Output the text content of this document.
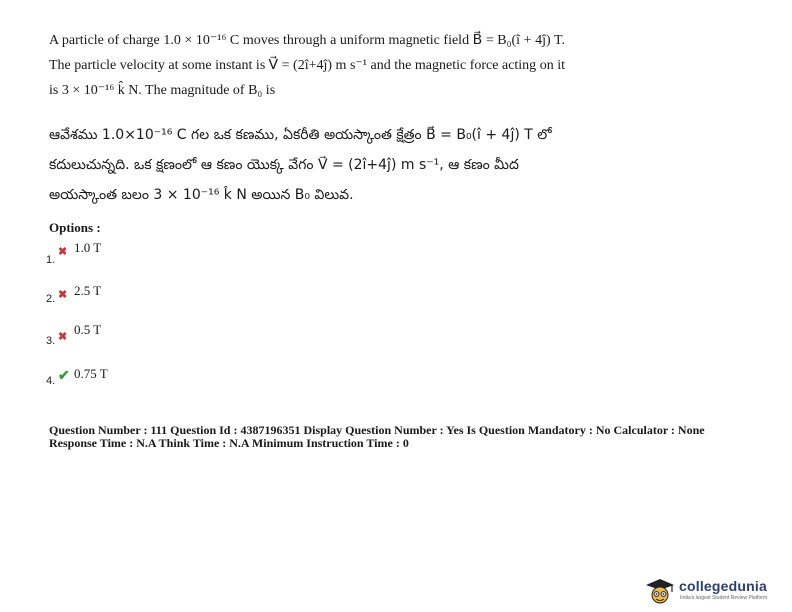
A particle of charge 1.0 × 10⁻¹⁶ C moves through a uniform magnetic field B⃗ = B₀(î + 4ĵ) T. The particle velocity at some instant is V⃗ = (2î+4ĵ) m s⁻¹ and the magnetic force acting on it is 3 × 10⁻¹⁶ k̂ N. The magnitude of B₀ is
ఆవేశము 1.0×10⁻¹⁶ C గల ఒక కణము, ఏకరీతి అయస్కాంత క్షేత్రం B⃗ = B₀(î + 4ĵ) T లో కదులుచున్నది. ఒక క్షణంలో ఆ కణం యొక్క వేగం V⃗ = (2î+4ĵ) m s⁻¹, ఆ కణం మీద అయస్కాంత బలం 3 × 10⁻¹⁶ k̂ N అయిన B₀ విలువ.
Options :
1.
✖ 1.0 T
2. ✖ 2.5 T
3. ✖ 0.5 T
4. ✔ 0.75 T
Question Number : 111 Question Id : 4387196351 Display Question Number : Yes Is Question Mandatory : No Calculator : None
Response Time : N.A Think Time : N.A Minimum Instruction Time : 0
collegedunia
India's largest Student Review Platform
